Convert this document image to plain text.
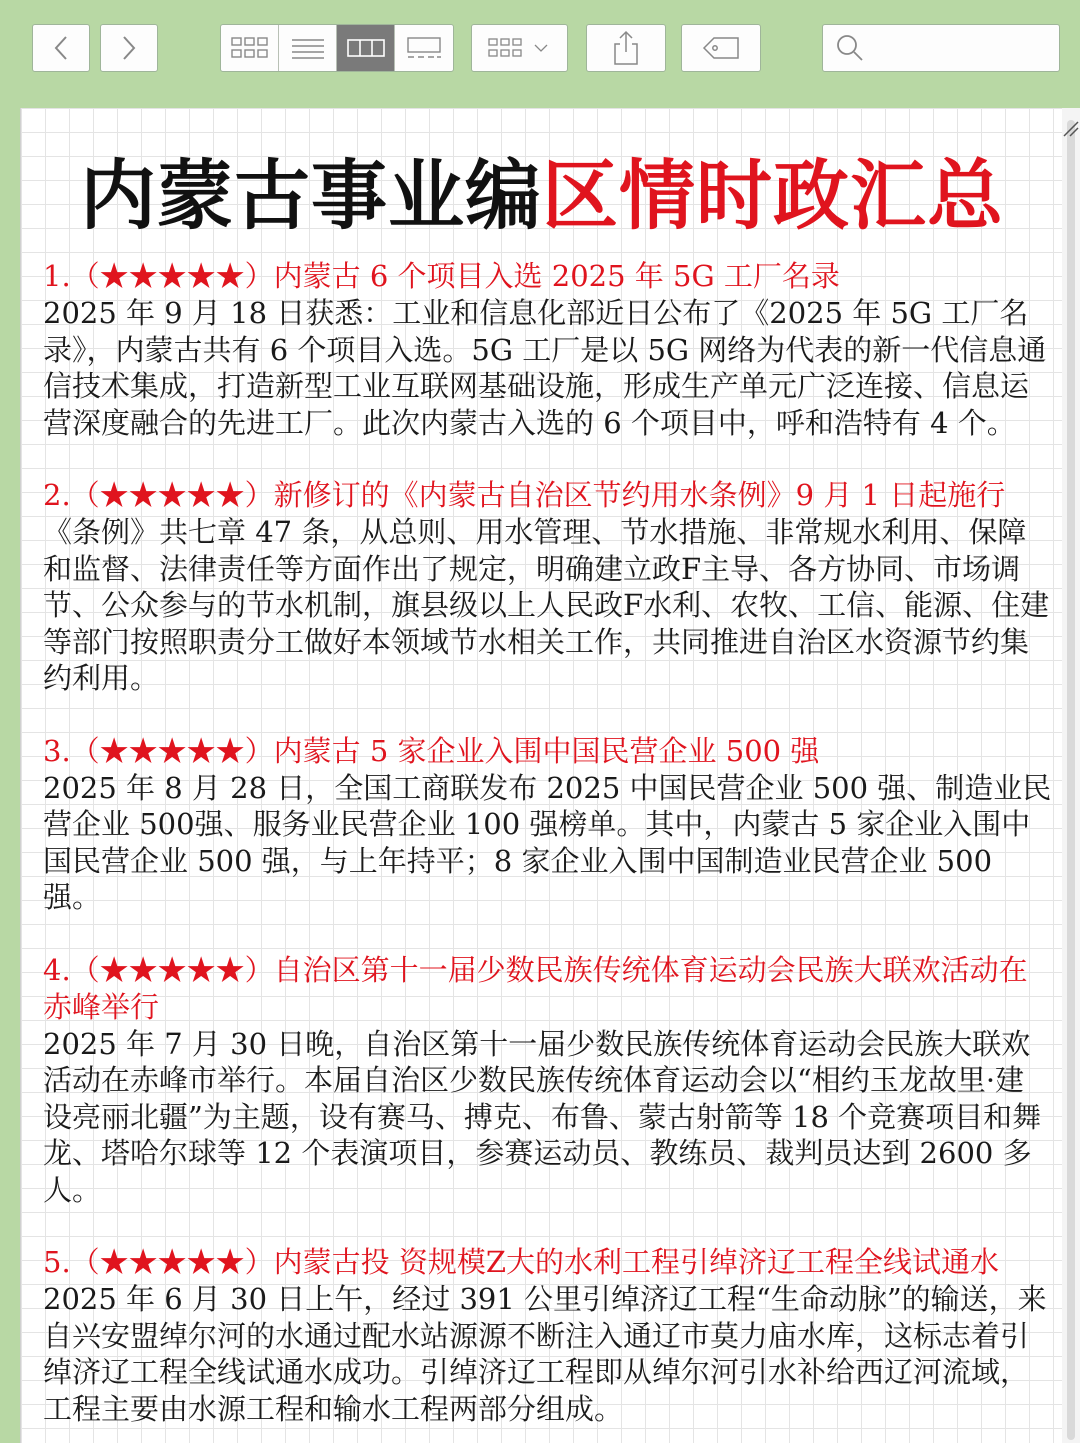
内蒙古事业编区情时政汇总
1.（★★★★★）内蒙古 6 个项目入选 2025 年 5G 工厂名录
2025 年 9 月 18 日获悉：工业和信息化部近日公布了《2025 年 5G 工厂名录》，内蒙古共有 6 个项目入选。5G 工厂是以 5G 网络为代表的新一代信息通信技术集成，打造新型工业互联网基础设施，形成生产单元广泛连接、信息运营深度融合的先进工厂。此次内蒙古入选的 6 个项目中，呼和浩特有 4 个。
2.（★★★★★）新修订的《内蒙古自治区节约用水条例》9 月 1 日起施行
《条例》共七章 47 条，从总则、用水管理、节水措施、非常规水利用、保障和监督、法律责任等方面作出了规定，明确建立政F主导、各方协同、市场调节、公众参与的节水机制，旗县级以上人民政F水利、农牧、工信、能源、住建等部门按照职责分工做好本领域节水相关工作，共同推进自治区水资源节约集约利用。
3.（★★★★★）内蒙古 5 家企业入围中国民营企业 500 强
2025 年 8 月 28 日，全国工商联发布 2025 中国民营企业 500 强、制造业民营企业 500强、服务业民营企业 100 强榜单。其中，内蒙古 5 家企业入围中国民营企业 500 强，与上年持平；8 家企业入围中国制造业民营企业 500 强。
4.（★★★★★）自治区第十一届少数民族传统体育运动会民族大联欢活动在赤峰举行
2025 年 7 月 30 日晚，自治区第十一届少数民族传统体育运动会民族大联欢活动在赤峰市举行。本届自治区少数民族传统体育运动会以“相约玉龙故里·建设亮丽北疆”为主题，设有赛马、搏克、布鲁、蒙古射箭等 18 个竞赛项目和舞龙、塔哈尔球等 12 个表演项目，参赛运动员、教练员、裁判员达到 2600 多人。
5.（★★★★★）内蒙古投 资规模Z大的水利工程引绰济辽工程全线试通水
2025 年 6 月 30 日上午，经过 391 公里引绰济辽工程“生命动脉”的输送，来自兴安盟绰尔河的水通过配水站源源不断注入通辽市莫力庙水库，这标志着引绰济辽工程全线试通水成功。引绰济辽工程即从绰尔河引水补给西辽河流域，工程主要由水源工程和输水工程两部分组成。
